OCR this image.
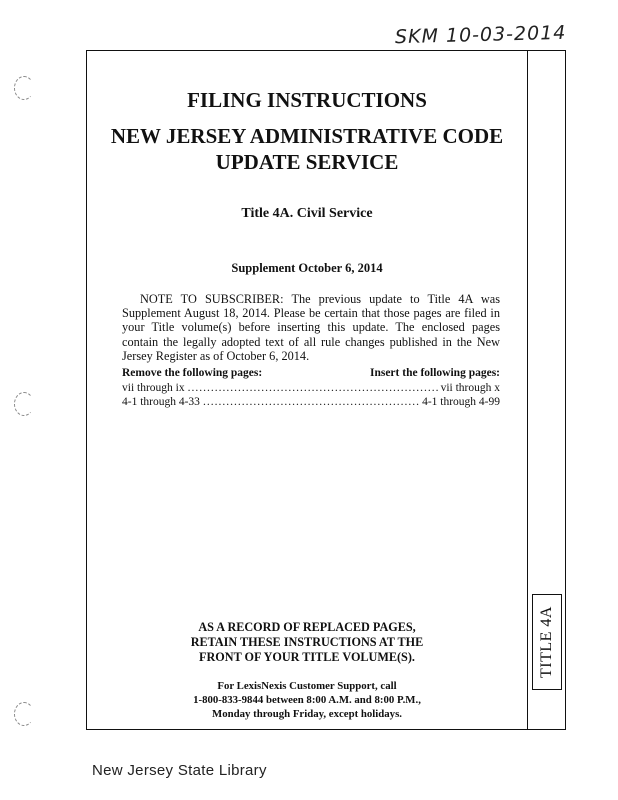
SKM 10-03-2014
TITLE 4A
FILING INSTRUCTIONS
NEW JERSEY ADMINISTRATIVE CODE
UPDATE SERVICE
Title 4A. Civil Service
Supplement October 6, 2014
NOTE TO SUBSCRIBER: The previous update to Title 4A was Supplement August 18, 2014. Please be certain that those pages are filed in your Title volume(s) before inserting this update. The enclosed pages contain the legally adopted text of all rule changes published in the New Jersey Register as of October 6, 2014.
Remove the following pages:	Insert the following pages:
vii through ix .....	vii through x
4-1 through 4-33 .....	4-1 through 4-99
AS A RECORD OF REPLACED PAGES,
RETAIN THESE INSTRUCTIONS AT THE
FRONT OF YOUR TITLE VOLUME(S).
For LexisNexis Customer Support, call
1-800-833-9844 between 8:00 A.M. and 8:00 P.M.,
Monday through Friday, except holidays.
New Jersey State Library
